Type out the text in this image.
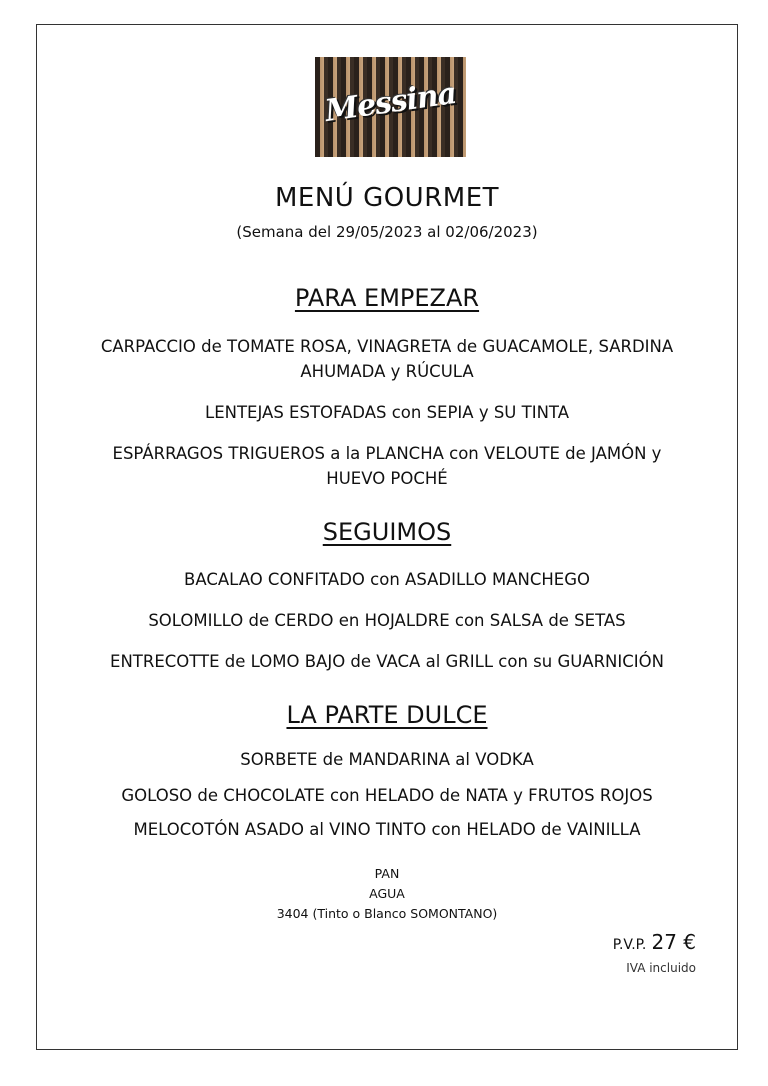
Messina
MENÚ GOURMET
(Semana del 29/05/2023 al 02/06/2023)
PARA EMPEZAR
CARPACCIO de TOMATE ROSA, VINAGRETA de GUACAMOLE, SARDINA AHUMADA y RÚCULA
LENTEJAS ESTOFADAS con SEPIA y SU TINTA
ESPÁRRAGOS TRIGUEROS a la PLANCHA con VELOUTE de JAMÓN y HUEVO POCHÉ
SEGUIMOS
BACALAO CONFITADO con ASADILLO MANCHEGO
SOLOMILLO de CERDO en HOJALDRE con SALSA de SETAS
ENTRECOTTE de LOMO BAJO de VACA al GRILL con su GUARNICIÓN
LA PARTE DULCE
SORBETE de MANDARINA al VODKA
GOLOSO de CHOCOLATE con HELADO de NATA y FRUTOS ROJOS
MELOCOTÓN ASADO al VINO TINTO con HELADO de VAINILLA
PAN
AGUA
3404 (Tinto o Blanco SOMONTANO)
P.V.P. 27 €
IVA incluido
